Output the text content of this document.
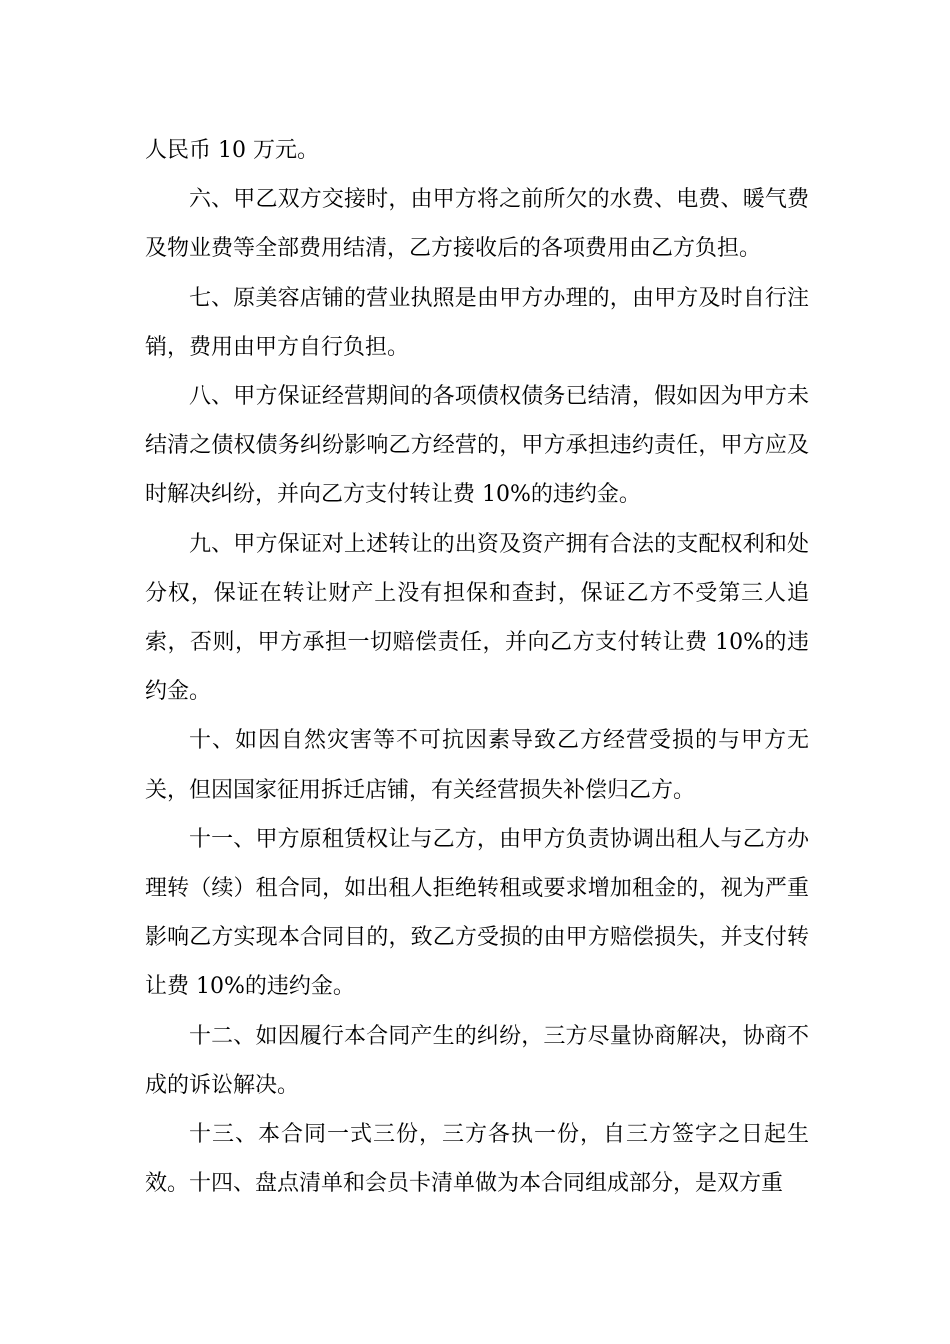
人民币 10 万元。

六、甲乙双方交接时，由甲方将之前所欠的水费、电费、暖气费及物业费等全部费用结清，乙方接收后的各项费用由乙方负担。

七、原美容店铺的营业执照是由甲方办理的，由甲方及时自行注销，费用由甲方自行负担。

八、甲方保证经营期间的各项债权债务已结清，假如因为甲方未结清之债权债务纠纷影响乙方经营的，甲方承担违约责任，甲方应及时解决纠纷，并向乙方支付转让费 10%的违约金。

九、甲方保证对上述转让的出资及资产拥有合法的支配权利和处分权，保证在转让财产上没有担保和查封，保证乙方不受第三人追索，否则，甲方承担一切赔偿责任，并向乙方支付转让费 10%的违约金。

十、如因自然灾害等不可抗因素导致乙方经营受损的与甲方无关，但因国家征用拆迁店铺，有关经营损失补偿归乙方。

十一、甲方原租赁权让与乙方，由甲方负责协调出租人与乙方办理转（续）租合同，如出租人拒绝转租或要求增加租金的，视为严重影响乙方实现本合同目的，致乙方受损的由甲方赔偿损失，并支付转让费 10%的违约金。

十二、如因履行本合同产生的纠纷，三方尽量协商解决，协商不成的诉讼解决。

十三、本合同一式三份，三方各执一份，自三方签字之日起生效。十四、盘点清单和会员卡清单做为本合同组成部分，是双方重
